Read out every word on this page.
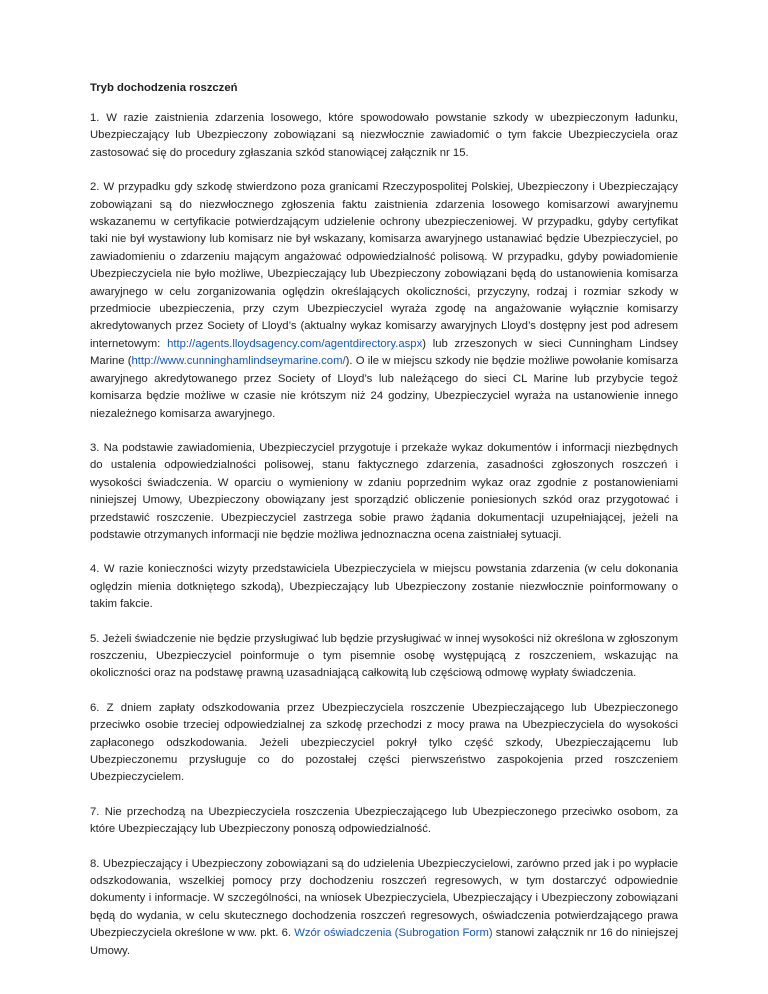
Tryb dochodzenia roszczeń

1. W razie zaistnienia zdarzenia losowego, które spowodowało powstanie szkody w ubezpieczonym ładunku, Ubezpieczający lub Ubezpieczony zobowiązani są niezwłocznie zawiadomić o tym fakcie Ubezpieczyciela oraz zastosować się do procedury zgłaszania szkód stanowiącej załącznik nr 15.

2. W przypadku gdy szkodę stwierdzono poza granicami Rzeczypospolitej Polskiej, Ubezpieczony i Ubezpieczający zobowiązani są do niezwłocznego zgłoszenia faktu zaistnienia zdarzenia losowego komisarzowi awaryjnemu wskazanemu w certyfikacie potwierdzającym udzielenie ochrony ubezpieczeniowej. W przypadku, gdyby certyfikat taki nie był wystawiony lub komisarz nie był wskazany, komisarza awaryjnego ustanawiać będzie Ubezpieczyciel, po zawiadomieniu o zdarzeniu mającym angażować odpowiedzialność polisową. W przypadku, gdyby powiadomienie Ubezpieczyciela nie było możliwe, Ubezpieczający lub Ubezpieczony zobowiązani będą do ustanowienia komisarza awaryjnego w celu zorganizowania oględzin określających okoliczności, przyczyny, rodzaj i rozmiar szkody w przedmiocie ubezpieczenia, przy czym Ubezpieczyciel wyraża zgodę na angażowanie wyłącznie komisarzy akredytowanych przez Society of Lloyd’s (aktualny wykaz komisarzy awaryjnych Lloyd’s dostępny jest pod adresem internetowym: http://agents.lloydsagency.com/agentdirectory.aspx) lub zrzeszonych w sieci Cunningham Lindsey Marine (http://www.cunninghamlindseymarine.com/). O ile w miejscu szkody nie będzie możliwe powołanie komisarza awaryjnego akredytowanego przez Society of Lloyd’s lub należącego do sieci CL Marine lub przybycie tegoż komisarza będzie możliwe w czasie nie krótszym niż 24 godziny, Ubezpieczyciel wyraża na ustanowienie innego niezależnego komisarza awaryjnego.

3. Na podstawie zawiadomienia, Ubezpieczyciel przygotuje i przekaże wykaz dokumentów i informacji niezbędnych do ustalenia odpowiedzialności polisowej, stanu faktycznego zdarzenia, zasadności zgłoszonych roszczeń i wysokości świadczenia. W oparciu o wymieniony w zdaniu poprzednim wykaz oraz zgodnie z postanowieniami niniejszej Umowy, Ubezpieczony obowiązany jest sporządzić obliczenie poniesionych szkód oraz przygotować i przedstawić roszczenie. Ubezpieczyciel zastrzega sobie prawo żądania dokumentacji uzupełniającej, jeżeli na podstawie otrzymanych informacji nie będzie możliwa jednoznaczna ocena zaistniałej sytuacji.

4. W razie konieczności wizyty przedstawiciela Ubezpieczyciela w miejscu powstania zdarzenia (w celu dokonania oględzin mienia dotkniętego szkodą), Ubezpieczający lub Ubezpieczony zostanie niezwłocznie poinformowany o takim fakcie.

5. Jeżeli świadczenie nie będzie przysługiwać lub będzie przysługiwać w innej wysokości niż określona w zgłoszonym roszczeniu, Ubezpieczyciel poinformuje o tym pisemnie osobę występującą z roszczeniem, wskazując na okoliczności oraz na podstawę prawną uzasadniającą całkowitą lub częściową odmowę wypłaty świadczenia.

6. Z dniem zapłaty odszkodowania przez Ubezpieczyciela roszczenie Ubezpieczającego lub Ubezpieczonego przeciwko osobie trzeciej odpowiedzialnej za szkodę przechodzi z mocy prawa na Ubezpieczyciela do wysokości zapłaconego odszkodowania. Jeżeli ubezpieczyciel pokrył tylko część szkody, Ubezpieczającemu lub Ubezpieczonemu przysługuje co do pozostałej części pierwszeństwo zaspokojenia przed roszczeniem Ubezpieczycielem.

7. Nie przechodzą na Ubezpieczyciela roszczenia Ubezpieczającego lub Ubezpieczonego przeciwko osobom, za które Ubezpieczający lub Ubezpieczony ponoszą odpowiedzialność.

8. Ubezpieczający i Ubezpieczony zobowiązani są do udzielenia Ubezpieczycielowi, zarówno przed jak i po wypłacie odszkodowania, wszelkiej pomocy przy dochodzeniu roszczeń regresowych, w tym dostarczyć odpowiednie dokumenty i informacje. W szczególności, na wniosek Ubezpieczyciela, Ubezpieczający i Ubezpieczony zobowiązani będą do wydania, w celu skutecznego dochodzenia roszczeń regresowych, oświadczenia potwierdzającego prawa Ubezpieczyciela określone w ww. pkt. 6. Wzór oświadczenia (Subrogation Form) stanowi załącznik nr 16 do niniejszej Umowy.
